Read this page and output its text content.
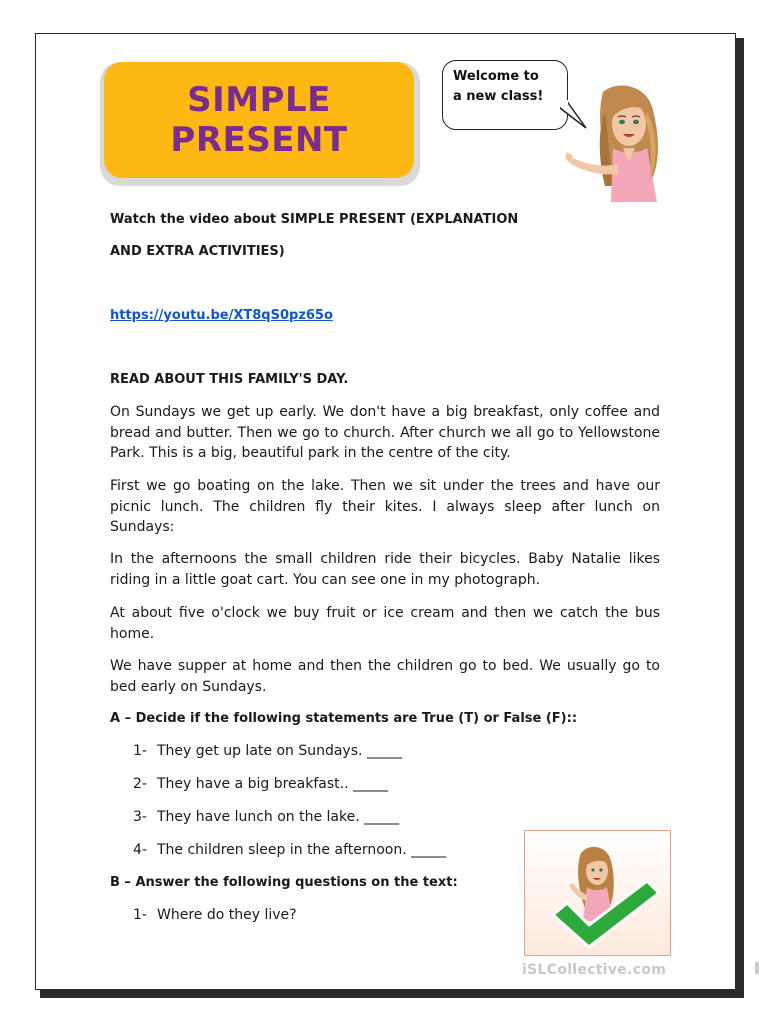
SIMPLE
PRESENT
Welcome to
a new class!
Watch the video about SIMPLE PRESENT (EXPLANATION
AND EXTRA ACTIVITIES)
https://youtu.be/XT8qS0pz65o
READ ABOUT THIS FAMILY'S DAY.
On Sundays we get up early. We don't have a big breakfast, only coffee and bread and butter. Then we go to church. After church we all go to Yellowstone Park. This is a big, beautiful park in the centre of the city.
First we go boating on the lake. Then we sit under the trees and have our picnic lunch. The children fly their kites. I always sleep after lunch on Sundays:
In the afternoons the small children ride their bicycles. Baby Natalie likes riding in a little goat cart. You can see one in my photograph.
At about five o'clock we buy fruit or ice cream and then we catch the bus home.
We have supper at home and then the children go to bed. We usually go to bed early on Sundays.
A – Decide if the following statements are True (T) or False (F)::
1- They get up late on Sundays. _____
2- They have a big breakfast.. _____
3- They have lunch on the lake. _____
4- The children sleep in the afternoon. _____
B – Answer the following questions on the text:
1- Where do they live?
iSLCollective.com
